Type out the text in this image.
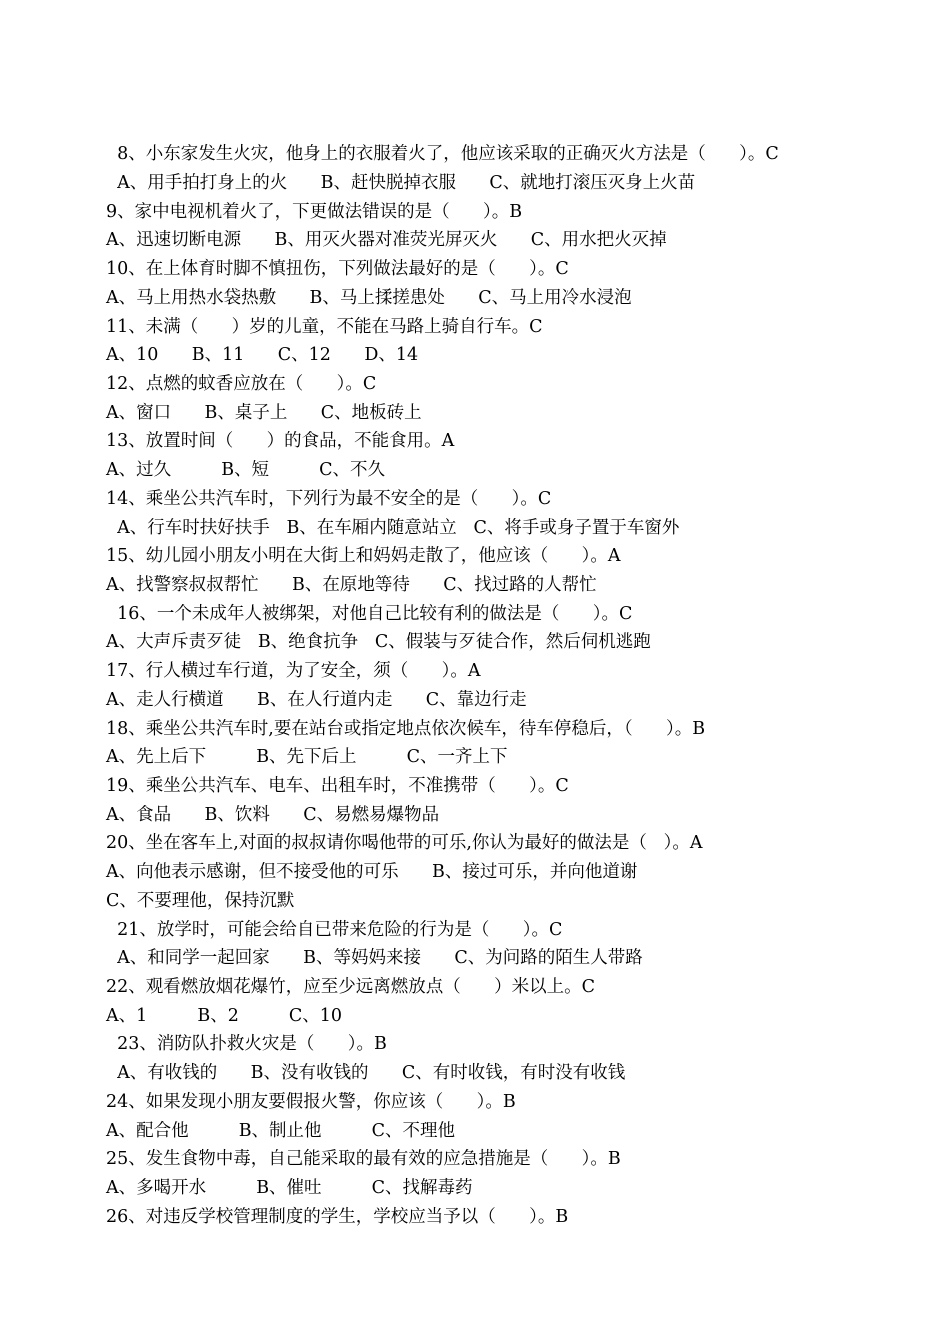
8、小东家发生火灾，他身上的衣服着火了，他应该采取的正确灭火方法是（      ）。C
A、用手拍打身上的火      B、赶快脱掉衣服      C、就地打滚压灭身上火苗
9、家中电视机着火了，下更做法错误的是（      ）。B
A、迅速切断电源      B、用灭火器对准荧光屏灭火      C、用水把火灭掉
10、在上体育时脚不慎扭伤，下列做法最好的是（      ）。C
A、马上用热水袋热敷      B、马上揉搓患处      C、马上用冷水浸泡
11、未满（      ）岁的儿童，不能在马路上骑自行车。C
A、10      B、11      C、12      D、14
12、点燃的蚊香应放在（      ）。C
A、窗口      B、桌子上      C、地板砖上
13、放置时间（      ）的食品，不能食用。A
A、过久         B、短         C、不久
14、乘坐公共汽车时，下列行为最不安全的是（      ）。C
A、行车时扶好扶手   B、在车厢内随意站立   C、将手或身子置于车窗外
15、幼儿园小朋友小明在大街上和妈妈走散了，他应该（      ）。A
A、找警察叔叔帮忙      B、在原地等待      C、找过路的人帮忙
16、一个未成年人被绑架，对他自己比较有利的做法是（      ）。C
A、大声斥责歹徒   B、绝食抗争   C、假装与歹徒合作，然后伺机逃跑
17、行人横过车行道，为了安全，须（      ）。A
A、走人行横道      B、在人行道内走      C、靠边行走
18、乘坐公共汽车时,要在站台或指定地点依次候车，待车停稳后，（      ）。B
A、先上后下         B、先下后上         C、一齐上下
19、乘坐公共汽车、电车、出租车时，不准携带（      ）。C
A、食品      B、饮料      C、易燃易爆物品
20、坐在客车上,对面的叔叔请你喝他带的可乐,你认为最好的做法是（   ）。A
A、向他表示感谢，但不接受他的可乐      B、接过可乐，并向他道谢
C、不要理他，保持沉默
21、放学时，可能会给自已带来危险的行为是（      ）。C
A、和同学一起回家      B、等妈妈来接      C、为问路的陌生人带路
22、观看燃放烟花爆竹，应至少远离燃放点（      ）米以上。C
A、1         B、2         C、10
23、消防队扑救火灾是（      ）。B
A、有收钱的      B、没有收钱的      C、有时收钱，有时没有收钱
24、如果发现小朋友要假报火警，你应该（      ）。B
A、配合他         B、制止他         C、不理他
25、发生食物中毒，自己能采取的最有效的应急措施是（      ）。B
A、多喝开水         B、催吐         C、找解毒药
26、对违反学校管理制度的学生，学校应当予以（      ）。B
